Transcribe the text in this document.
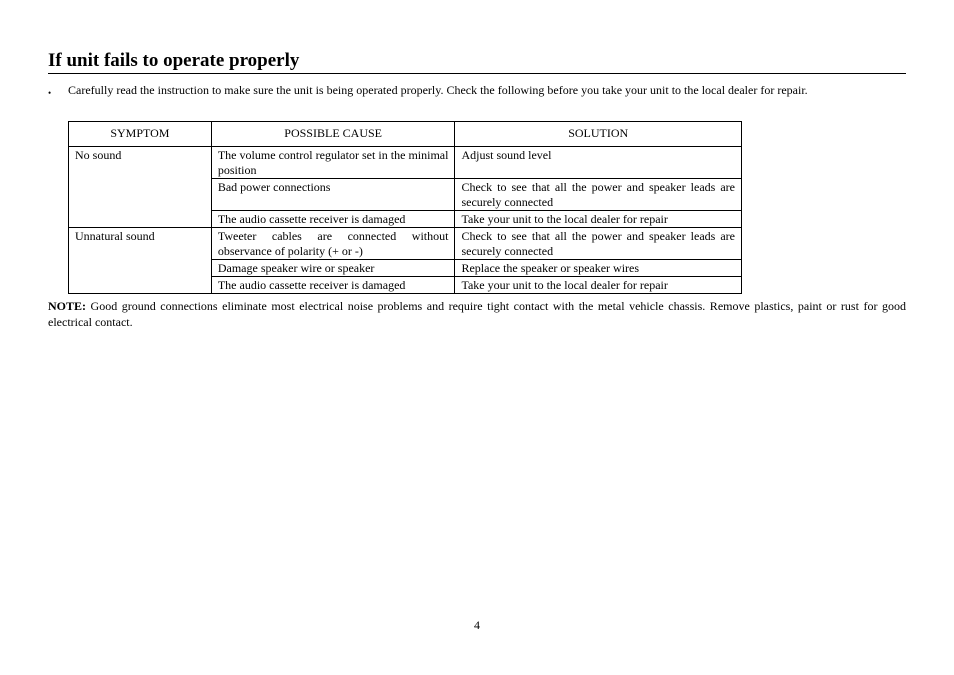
If unit fails to operate properly
• Carefully read the instruction to make sure the unit is being operated properly. Check the following before you take your unit to the local dealer for repair.
SYMPTOM	POSSIBLE CAUSE	SOLUTION
No sound	The volume control regulator set in the minimal position	Adjust sound level
	Bad power connections	Check to see that all the power and speaker leads are securely connected
	The audio cassette receiver is damaged	Take your unit to the local dealer for repair
Unnatural sound	Tweeter cables are connected without observance of polarity (+ or -)	Check to see that all the power and speaker leads are securely connected
	Damage speaker wire or speaker	Replace the speaker or speaker wires
	The audio cassette receiver is damaged	Take your unit to the local dealer for repair
NOTE: Good ground connections eliminate most electrical noise problems and require tight contact with the metal vehicle chassis. Remove plastics, paint or rust for good electrical contact.
4
